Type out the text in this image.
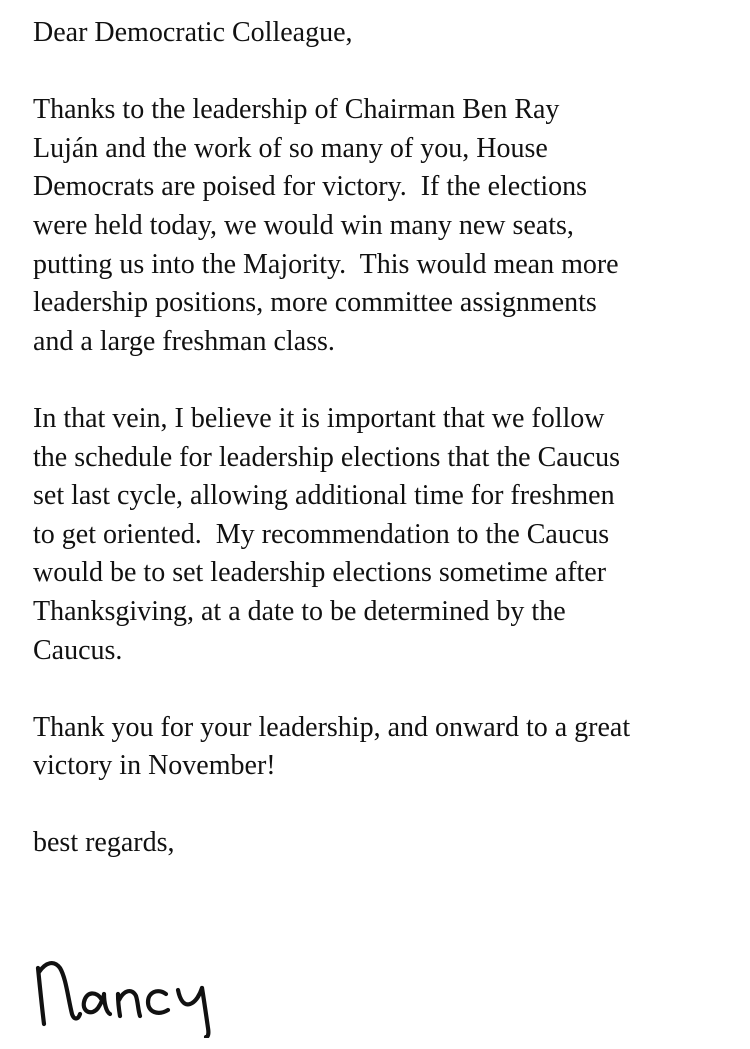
Dear Democratic Colleague,

Thanks to the leadership of Chairman Ben Ray
Luján and the work of so many of you, House
Democrats are poised for victory.  If the elections
were held today, we would win many new seats,
putting us into the Majority.  This would mean more
leadership positions, more committee assignments
and a large freshman class.

In that vein, I believe it is important that we follow
the schedule for leadership elections that the Caucus
set last cycle, allowing additional time for freshmen
to get oriented.  My recommendation to the Caucus
would be to set leadership elections sometime after
Thanksgiving, at a date to be determined by the
Caucus.

Thank you for your leadership, and onward to a great
victory in November!

best regards,
